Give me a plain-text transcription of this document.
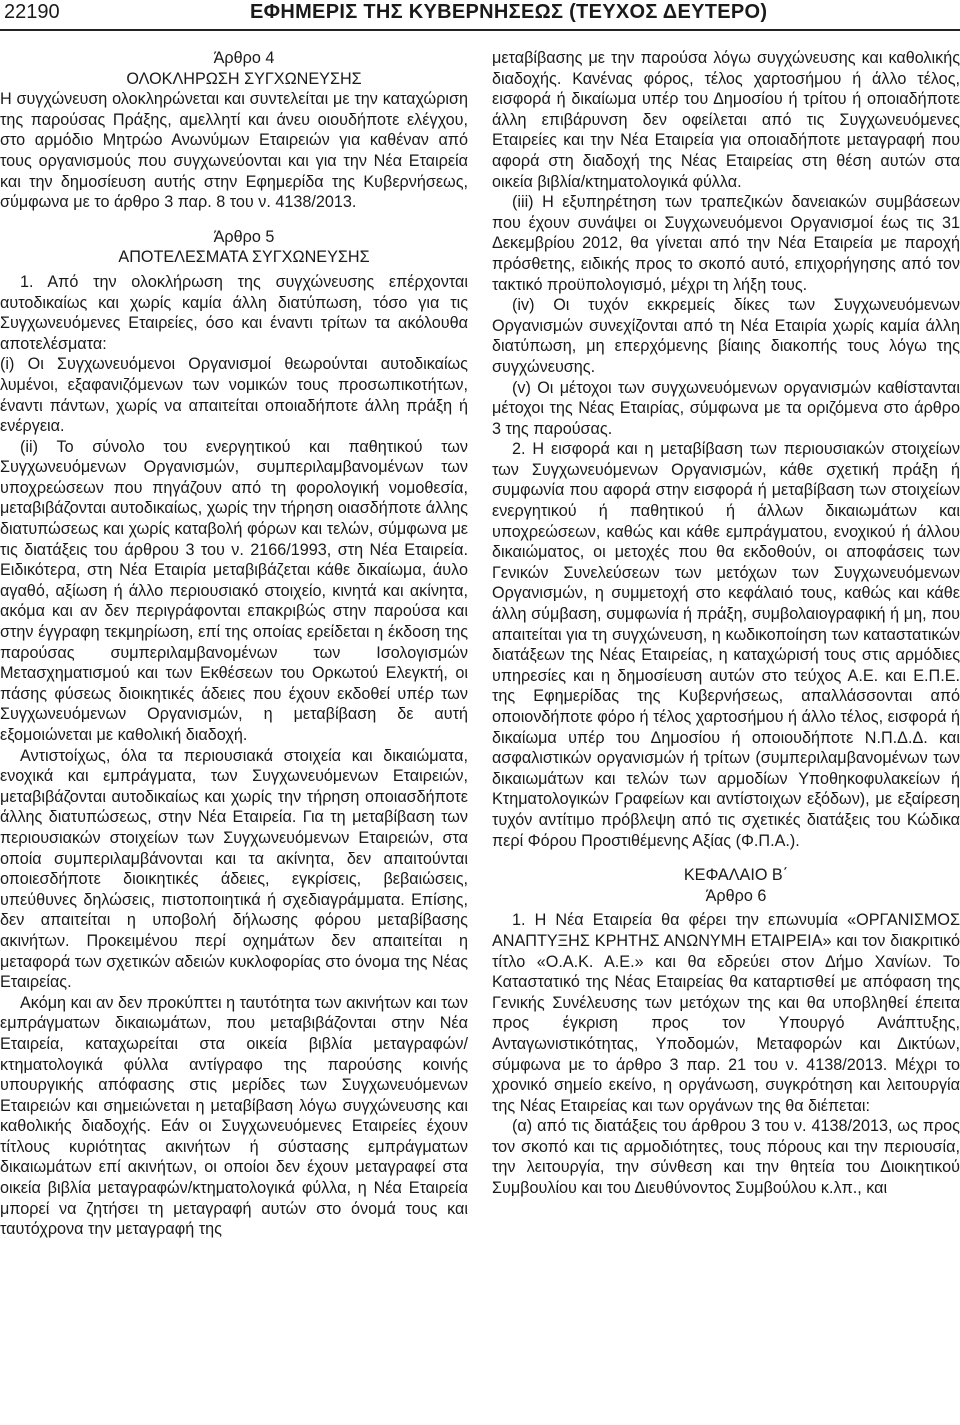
22190	ΕΦΗΜΕΡΙΣ ΤΗΣ ΚΥΒΕΡΝΗΣΕΩΣ (ΤΕΥΧΟΣ ΔΕΥΤΕΡΟ)

Άρθρο 4

ΟΛΟΚΛΗΡΩΣΗ ΣΥΓΧΩΝΕΥΣΗΣ

Η συγχώνευση ολοκληρώνεται και συντελείται με την καταχώριση της παρούσας Πράξης, αμελλητί και άνευ οιουδήποτε ελέγχου, στο αρμόδιο Μητρώο Ανωνύμων Εταιρειών για καθέναν από τους οργανισμούς που συγχωνεύονται και για την Νέα Εταιρεία και την δημοσίευση αυτής στην Εφημερίδα της Κυβερνήσεως, σύμφωνα με το άρθρο 3 παρ. 8 του ν. 4138/2013.

Άρθρο 5

ΑΠΟΤΕΛΕΣΜΑΤΑ ΣΥΓΧΩΝΕΥΣΗΣ

1. Από την ολοκλήρωση της συγχώνευσης επέρχονται αυτοδικαίως και χωρίς καμία άλλη διατύπωση, τόσο για τις Συγχωνευόμενες Εταιρείες, όσο και έναντι τρίτων τα ακόλουθα αποτελέσματα:

(i) Οι Συγχωνευόμενοι Οργανισμοί θεωρούνται αυτοδικαίως λυμένοι, εξαφανιζόμενων των νομικών τους προσωπικοτήτων, έναντι πάντων, χωρίς να απαιτείται οποιαδήποτε άλλη πράξη ή ενέργεια.

(ii) Το σύνολο του ενεργητικού και παθητικού των Συγχωνευόμενων Οργανισμών, συμπεριλαμβανομένων των υποχρεώσεων που πηγάζουν από τη φορολογική νομοθεσία, μεταβιβάζονται αυτοδικαίως, χωρίς την τήρηση οιασδήποτε άλλης διατυπώσεως και χωρίς καταβολή φόρων και τελών, σύμφωνα με τις διατάξεις του άρθρου 3 του ν. 2166/1993, στη Νέα Εταιρεία. Ειδικότερα, στη Νέα Εταιρία μεταβιβάζεται κάθε δικαίωμα, άυλο αγαθό, αξίωση ή άλλο περιουσιακό στοιχείο, κινητά και ακίνητα, ακόμα και αν δεν περιγράφονται επακριβώς στην παρούσα και στην έγγραφη τεκμηρίωση, επί της οποίας ερείδεται η έκδοση της παρούσας συμπεριλαμβανομένων των Ισολογισμών Μετασχηματισμού και των Εκθέσεων του Ορκωτού Ελεγκτή, οι πάσης φύσεως διοικητικές άδειες που έχουν εκδοθεί υπέρ των Συγχωνευόμενων Οργανισμών, η μεταβίβαση δε αυτή εξομοιώνεται με καθολική διαδοχή.

Αντιστοίχως, όλα τα περιουσιακά στοιχεία και δικαιώματα, ενοχικά και εμπράγματα, των Συγχωνευόμενων Εταιρειών, μεταβιβάζονται αυτοδικαίως και χωρίς την τήρηση οποιασδήποτε άλλης διατυπώσεως, στην Νέα Εταιρεία. Για τη μεταβίβαση των περιουσιακών στοιχείων των Συγχωνευόμενων Εταιρειών, στα οποία συμπεριλαμβάνονται και τα ακίνητα, δεν απαιτούνται οποιεσδήποτε διοικητικές άδειες, εγκρίσεις, βεβαιώσεις, υπεύθυνες δηλώσεις, πιστοποιητικά ή σχεδιαγράμματα. Επίσης, δεν απαιτείται η υποβολή δήλωσης φόρου μεταβίβασης ακινήτων. Προκειμένου περί οχημάτων δεν απαιτείται η μεταφορά των σχετικών αδειών κυκλοφορίας στο όνομα της Νέας Εταιρείας.

Ακόμη και αν δεν προκύπτει η ταυτότητα των ακινήτων και των εμπράγματων δικαιωμάτων, που μεταβιβάζονται στην Νέα Εταιρεία, καταχωρείται στα οικεία βιβλία μεταγραφών/κτηματολογικά φύλλα αντίγραφο της παρούσης κοινής υπουργικής απόφασης στις μερίδες των Συγχωνευόμενων Εταιρειών και σημειώνεται η μεταβίβαση λόγω συγχώνευσης και καθολικής διαδοχής. Εάν οι Συγχωνευόμενες Εταιρείες έχουν τίτλους κυριότητας ακινήτων ή σύστασης εμπράγματων δικαιωμάτων επί ακινήτων, οι οποίοι δεν έχουν μεταγραφεί στα οικεία βιβλία μεταγραφών/κτηματολογικά φύλλα, η Νέα Εταιρεία μπορεί να ζητήσει τη μεταγραφή αυτών στο όνομά τους και ταυτόχρονα την μεταγραφή της

μεταβίβασης με την παρούσα λόγω συγχώνευσης και καθολικής διαδοχής. Κανένας φόρος, τέλος χαρτοσήμου ή άλλο τέλος, εισφορά ή δικαίωμα υπέρ του Δημοσίου ή τρίτου ή οποιαδήποτε άλλη επιβάρυνση δεν οφείλεται από τις Συγχωνευόμενες Εταιρείες και την Νέα Εταιρεία για οποιαδήποτε μεταγραφή που αφορά στη διαδοχή της Νέας Εταιρείας στη θέση αυτών στα οικεία βιβλία/κτηματολογικά φύλλα.

(iii) Η εξυπηρέτηση των τραπεζικών δανειακών συμβάσεων που έχουν συνάψει οι Συγχωνευόμενοι Οργανισμοί έως τις 31 Δεκεμβρίου 2012, θα γίνεται από την Νέα Εταιρεία με παροχή πρόσθετης, ειδικής προς το σκοπό αυτό, επιχορήγησης από τον τακτικό προϋπολογισμό, μέχρι τη λήξη τους.

(iv) Οι τυχόν εκκρεμείς δίκες των Συγχωνευόμενων Οργανισμών συνεχίζονται από τη Νέα Εταιρία χωρίς καμία άλλη διατύπωση, μη επερχόμενης βίαιης διακοπής τους λόγω της συγχώνευσης.

(v) Οι μέτοχοι των συγχωνευόμενων οργανισμών καθίστανται μέτοχοι της Νέας Εταιρίας, σύμφωνα με τα οριζόμενα στο άρθρο 3 της παρούσας.

2. Η εισφορά και η μεταβίβαση των περιουσιακών στοιχείων των Συγχωνευόμενων Οργανισμών, κάθε σχετική πράξη ή συμφωνία που αφορά στην εισφορά ή μεταβίβαση των στοιχείων ενεργητικού ή παθητικού ή άλλων δικαιωμάτων και υποχρεώσεων, καθώς και κάθε εμπράγματου, ενοχικού ή άλλου δικαιώματος, οι μετοχές που θα εκδοθούν, οι αποφάσεις των Γενικών Συνελεύσεων των μετόχων των Συγχωνευόμενων Οργανισμών, η συμμετοχή στο κεφάλαιό τους, καθώς και κάθε άλλη σύμβαση, συμφωνία ή πράξη, συμβολαιογραφική ή μη, που απαιτείται για τη συγχώνευση, η κωδικοποίηση των καταστατικών διατάξεων της Νέας Εταιρείας, η καταχώρισή τους στις αρμόδιες υπηρεσίες και η δημοσίευση αυτών στο τεύχος Α.Ε. και Ε.Π.Ε. της Εφημερίδας της Κυβερνήσεως, απαλλάσσονται από οποιονδήποτε φόρο ή τέλος χαρτοσήμου ή άλλο τέλος, εισφορά ή δικαίωμα υπέρ του Δημοσίου ή οποιουδήποτε Ν.Π.Δ.Δ. και ασφαλιστικών οργανισμών ή τρίτων (συμπεριλαμβανομένων των δικαιωμάτων και τελών των αρμοδίων Υποθηκοφυλακείων ή Κτηματολογικών Γραφείων και αντίστοιχων εξόδων), με εξαίρεση τυχόν αντίτιμο πρόβλεψη από τις σχετικές διατάξεις του Κώδικα περί Φόρου Προστιθέμενης Αξίας (Φ.Π.Α.).

ΚΕΦΑΛΑΙΟ Β΄

Άρθρο 6

1. Η Νέα Εταιρεία θα φέρει την επωνυμία «ΟΡΓΑΝΙΣΜΟΣ ΑΝΑΠΤΥΞΗΣ ΚΡΗΤΗΣ ΑΝΩΝΥΜΗ ΕΤΑΙΡΕΙΑ» και τον διακριτικό τίτλο «Ο.Α.Κ. Α.Ε.» και θα εδρεύει στον Δήμο Χανίων. Το Καταστατικό της Νέας Εταιρείας θα καταρτισθεί με απόφαση της Γενικής Συνέλευσης των μετόχων της και θα υποβληθεί έπειτα προς έγκριση προς τον Υπουργό Ανάπτυξης, Ανταγωνιστικότητας, Υποδομών, Μεταφορών και Δικτύων, σύμφωνα με το άρθρο 3 παρ. 21 του ν. 4138/2013. Μέχρι το χρονικό σημείο εκείνο, η οργάνωση, συγκρότηση και λειτουργία της Νέας Εταιρείας και των οργάνων της θα διέπεται:

(α) από τις διατάξεις του άρθρου 3 του ν. 4138/2013, ως προς τον σκοπό και τις αρμοδιότητες, τους πόρους και την περιουσία, την λειτουργία, την σύνθεση και την θητεία του Διοικητικού Συμβουλίου και του Διευθύνοντος Συμβούλου κ.λπ., και
